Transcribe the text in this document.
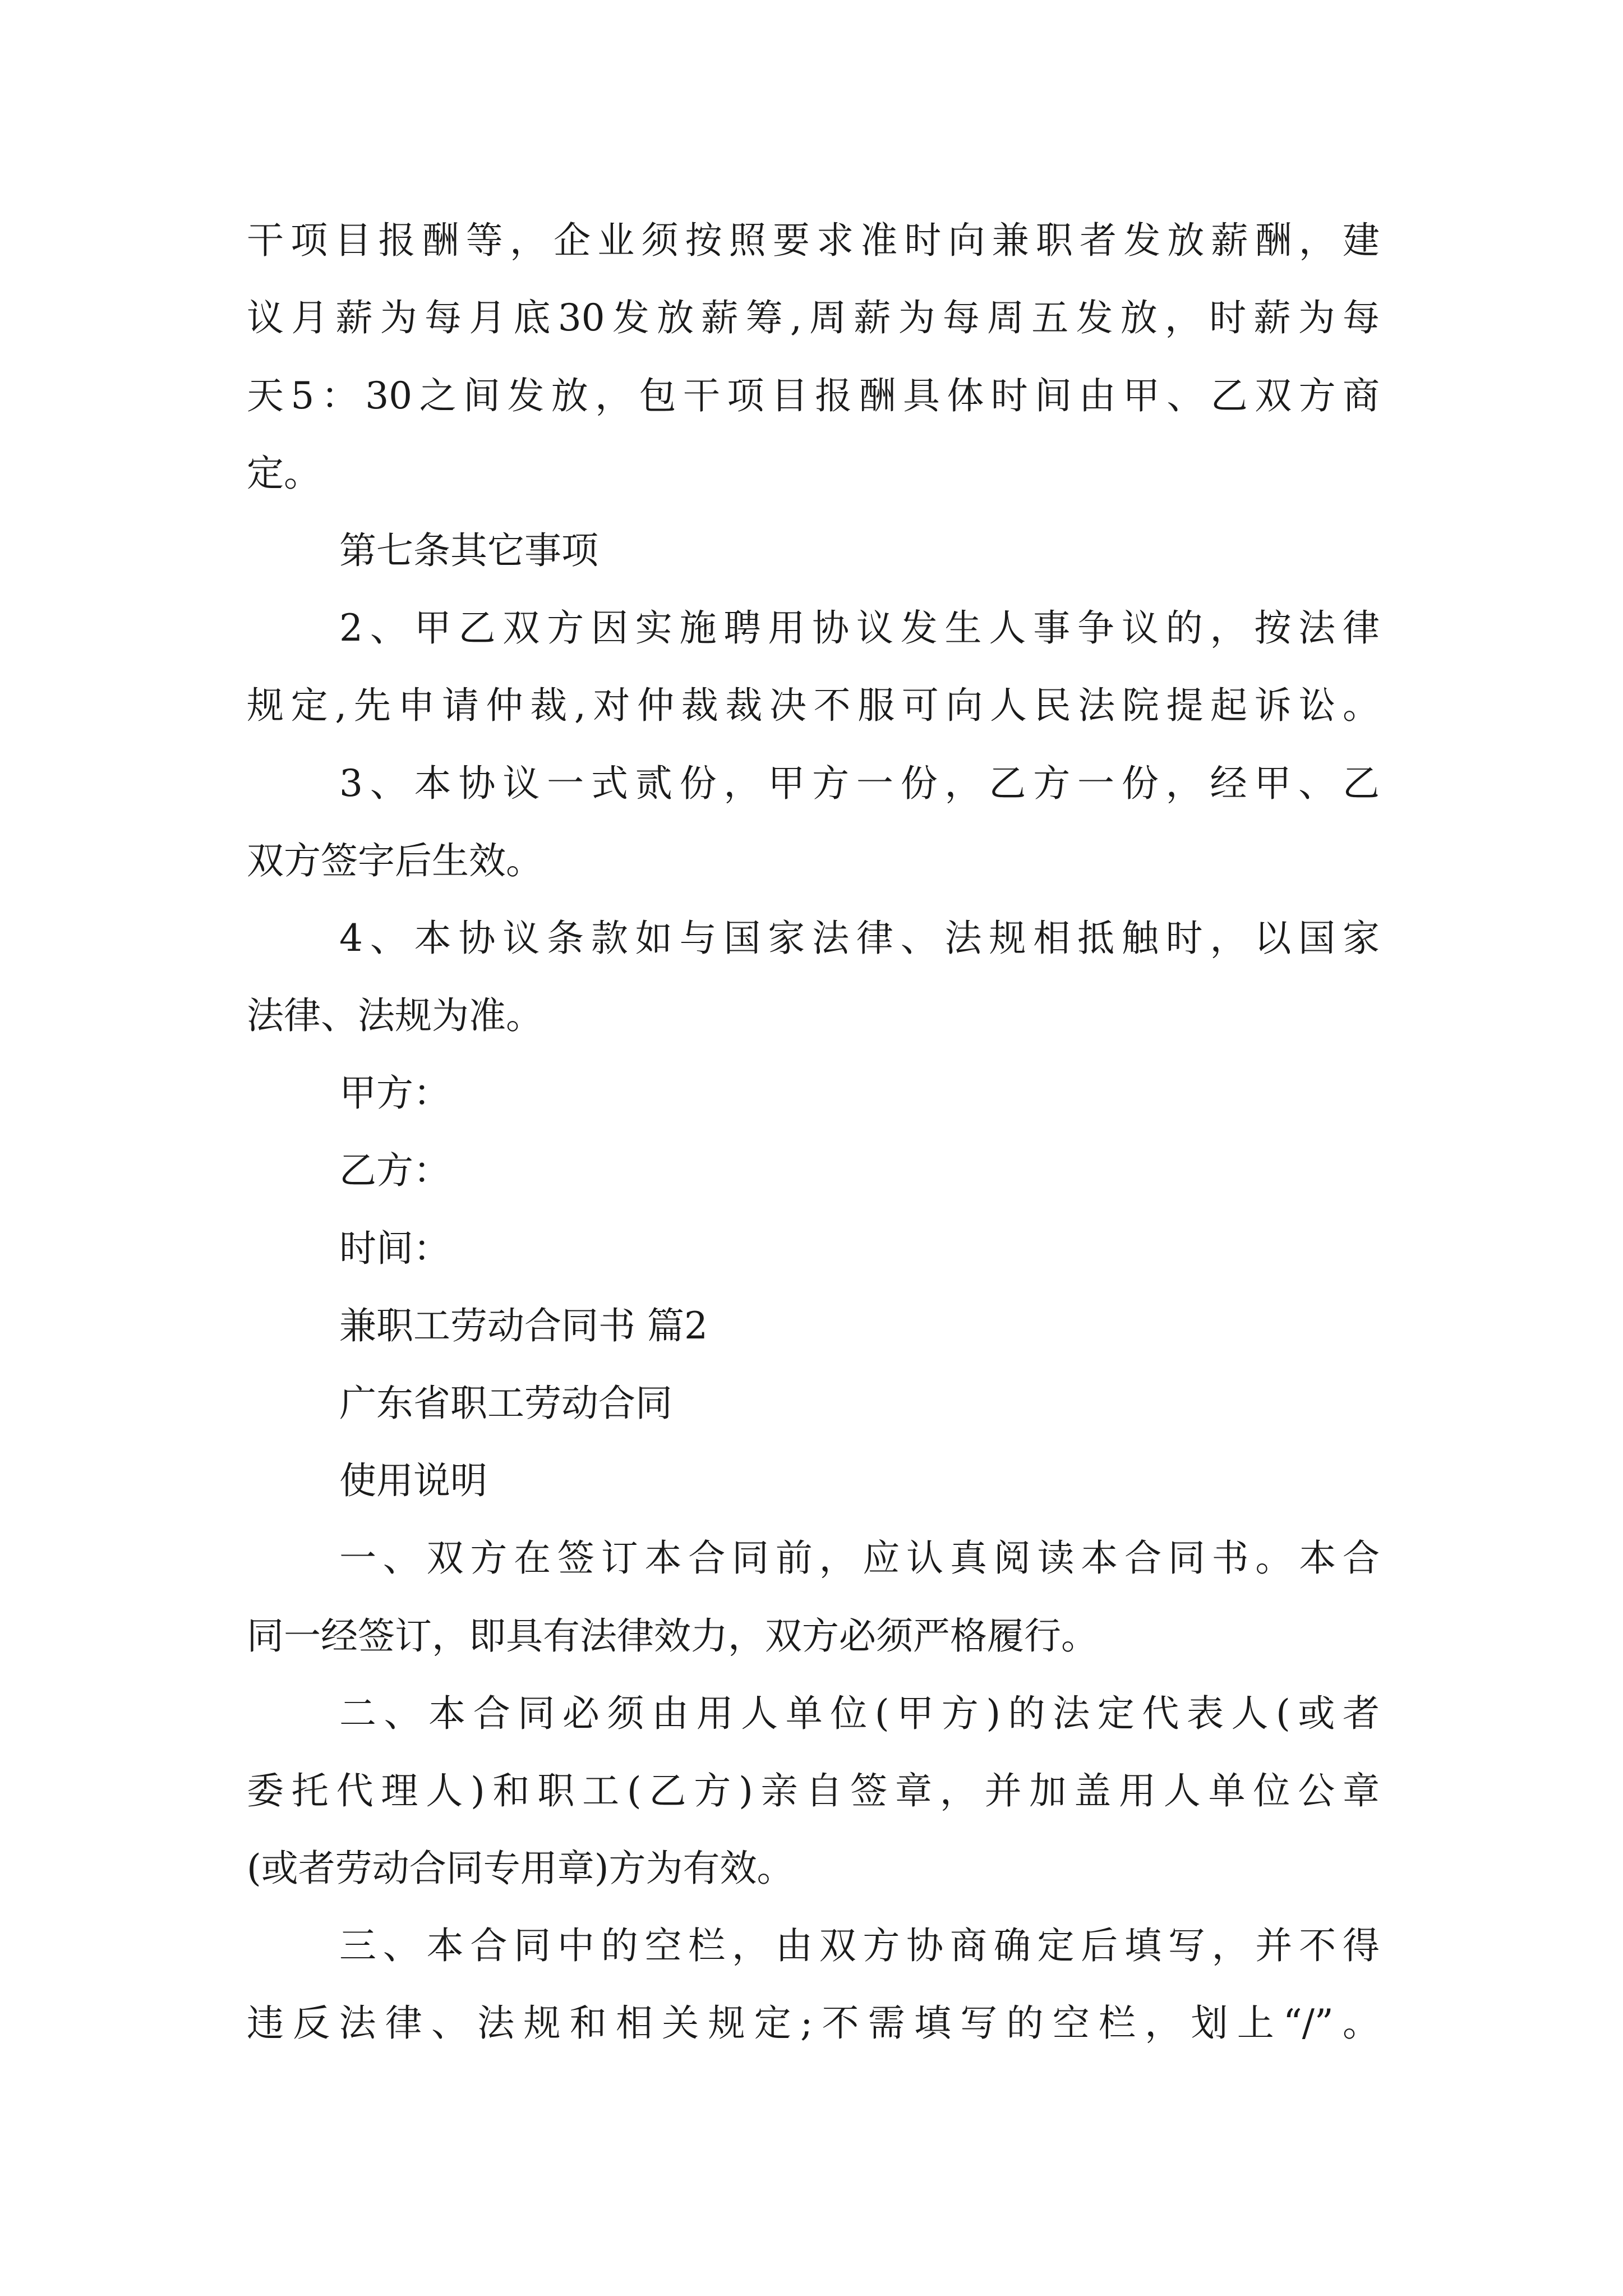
干项目报酬等，企业须按照要求准时向兼职者发放薪酬，建

议月薪为每月底30发放薪筹,周薪为每周五发放，时薪为每

天5：30之间发放，包干项目报酬具体时间由甲、乙双方商

定。

第七条其它事项

2、甲乙双方因实施聘用协议发生人事争议的，按法律

规定,先申请仲裁,对仲裁裁决不服可向人民法院提起诉讼。

3、本协议一式贰份，甲方一份，乙方一份，经甲、乙

双方签字后生效。

4、本协议条款如与国家法律、法规相抵触时，以国家

法律、法规为准。

甲方：

乙方：

时间：

兼职工劳动合同书 篇2

广东省职工劳动合同

使用说明

一、双方在签订本合同前，应认真阅读本合同书。本合

同一经签订，即具有法律效力，双方必须严格履行。

二、本合同必须由用人单位(甲方)的法定代表人(或者

委托代理人)和职工(乙方)亲自签章，并加盖用人单位公章

(或者劳动合同专用章)方为有效。

三、本合同中的空栏，由双方协商确定后填写，并不得

违反法律、法规和相关规定;不需填写的空栏，划上“/”。
